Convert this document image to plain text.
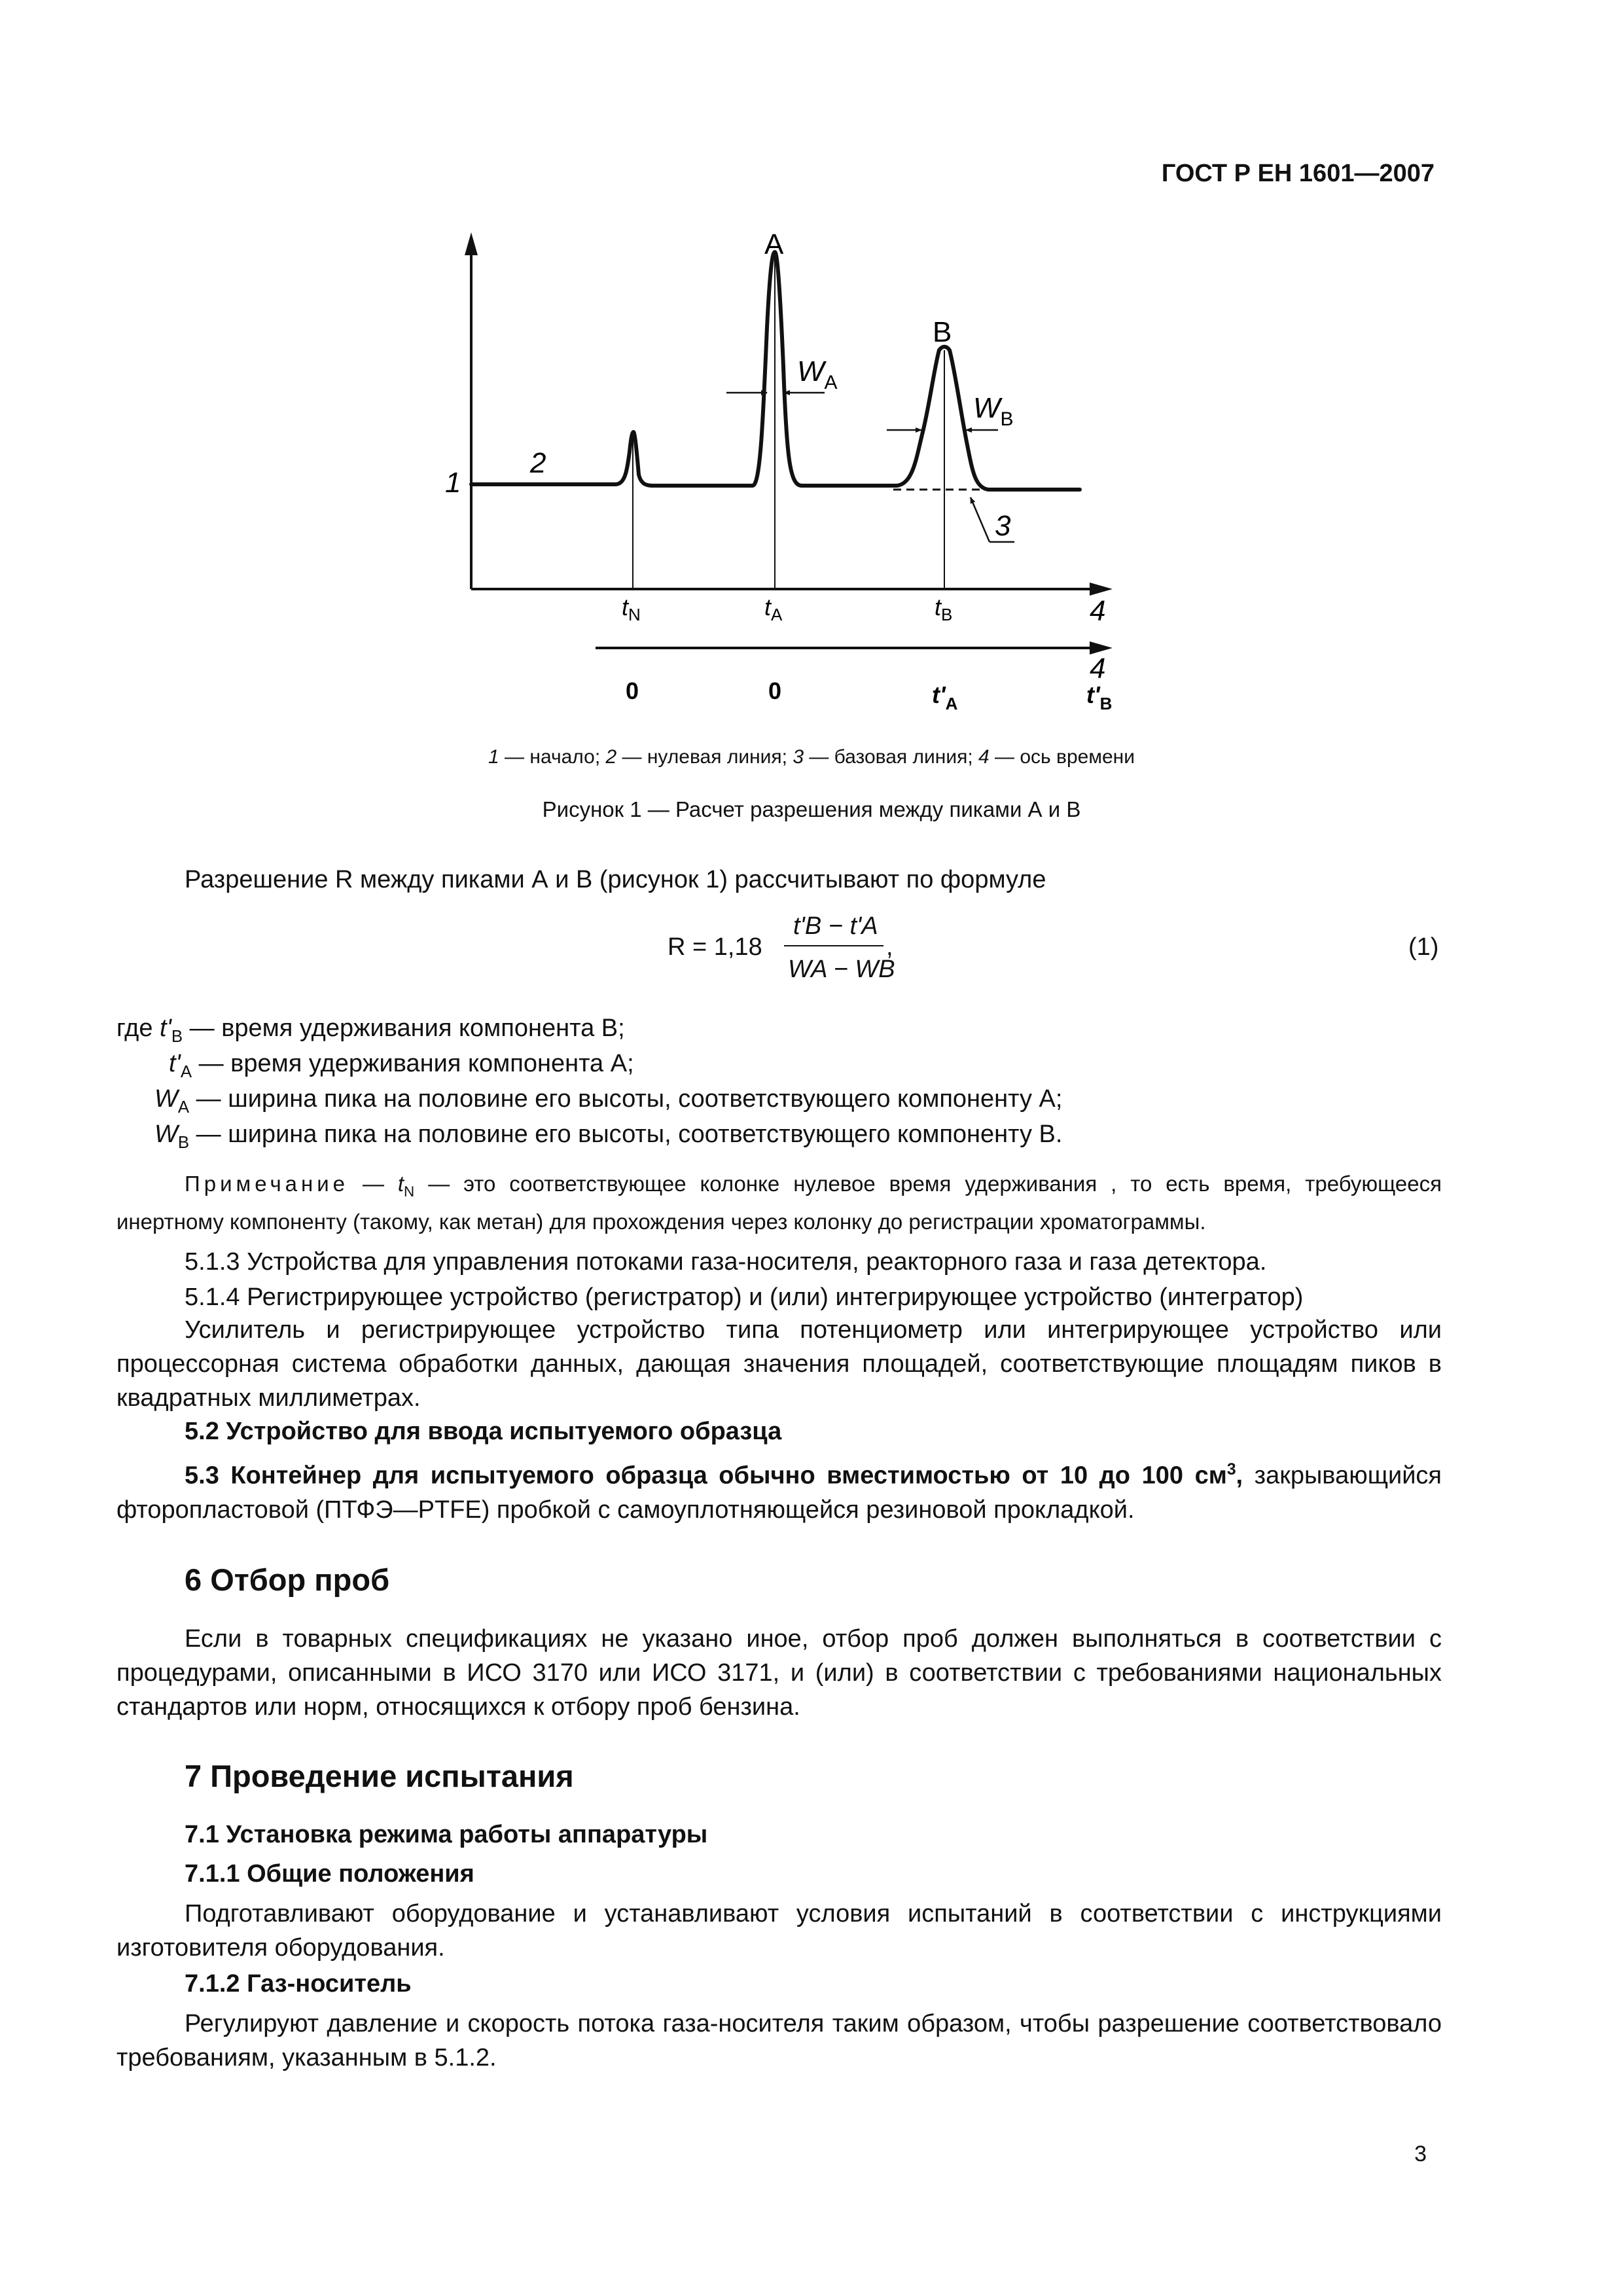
ГОСТ Р ЕН 1601—2007
А
В
$W_A$
$W_B$
1
2
3
4
4
$t_N$	$t_A$	$t_B$
0	0	$t'_A$	$t'_B$
1 — начало; 2 — нулевая линия; 3 — базовая линия; 4 — ось времени
Рисунок 1 — Расчет разрешения между пиками А и В

Разрешение R между пиками А и В (рисунок 1) рассчитывают по формуле

R = 1,18
t'B − t'A
WA − WB
,	(1)
где $t'_B$ — время удерживания компонента В;
$t'_A$ — время удерживания компонента А;
$W_A$ — ширина пика на половине его высоты, соответствующего компоненту А;
$W_B$ — ширина пика на половине его высоты, соответствующего компоненту В.
Примечание — $t_N$ — это соответствующее колонке нулевое время удерживания , то есть время, требующееся инертному компоненту (такому, как метан) для прохождения через колонку до регистрации хроматограммы.

5.1.3 Устройства для управления потоками газа-носителя, реакторного газа и газа детектора.

5.1.4 Регистрирующее устройство (регистратор) и (или) интегрирующее устройство (интегратор)

Усилитель и регистрирующее устройство типа потенциометр или интегрирующее устройство или процессорная система обработки данных, дающая значения площадей, соответствующие площадям пиков в квадратных миллиметрах.

5.2 Устройство для ввода испытуемого образца

5.3 Контейнер для испытуемого образца обычно вместимостью от 10 до 100 $см^3$, закрывающийся фторопластовой (ПТФЭ—PTFE) пробкой с самоуплотняющейся резиновой прокладкой.

6 Отбор проб

Если в товарных спецификациях не указано иное, отбор проб должен выполняться в соответствии с процедурами, описанными в ИСО 3170 или ИСО 3171, и (или) в соответствии с требованиями национальных стандартов или норм, относящихся к отбору проб бензина.

7 Проведение испытания
7.1 Установка режима работы аппаратуры
7.1.1 Общие положения

Подготавливают оборудование и устанавливают условия испытаний в соответствии с инструкциями изготовителя оборудования.

7.1.2 Газ-носитель

Регулируют давление и скорость потока газа-носителя таким образом, чтобы разрешение соответствовало требованиям, указанным в 5.1.2.

3
